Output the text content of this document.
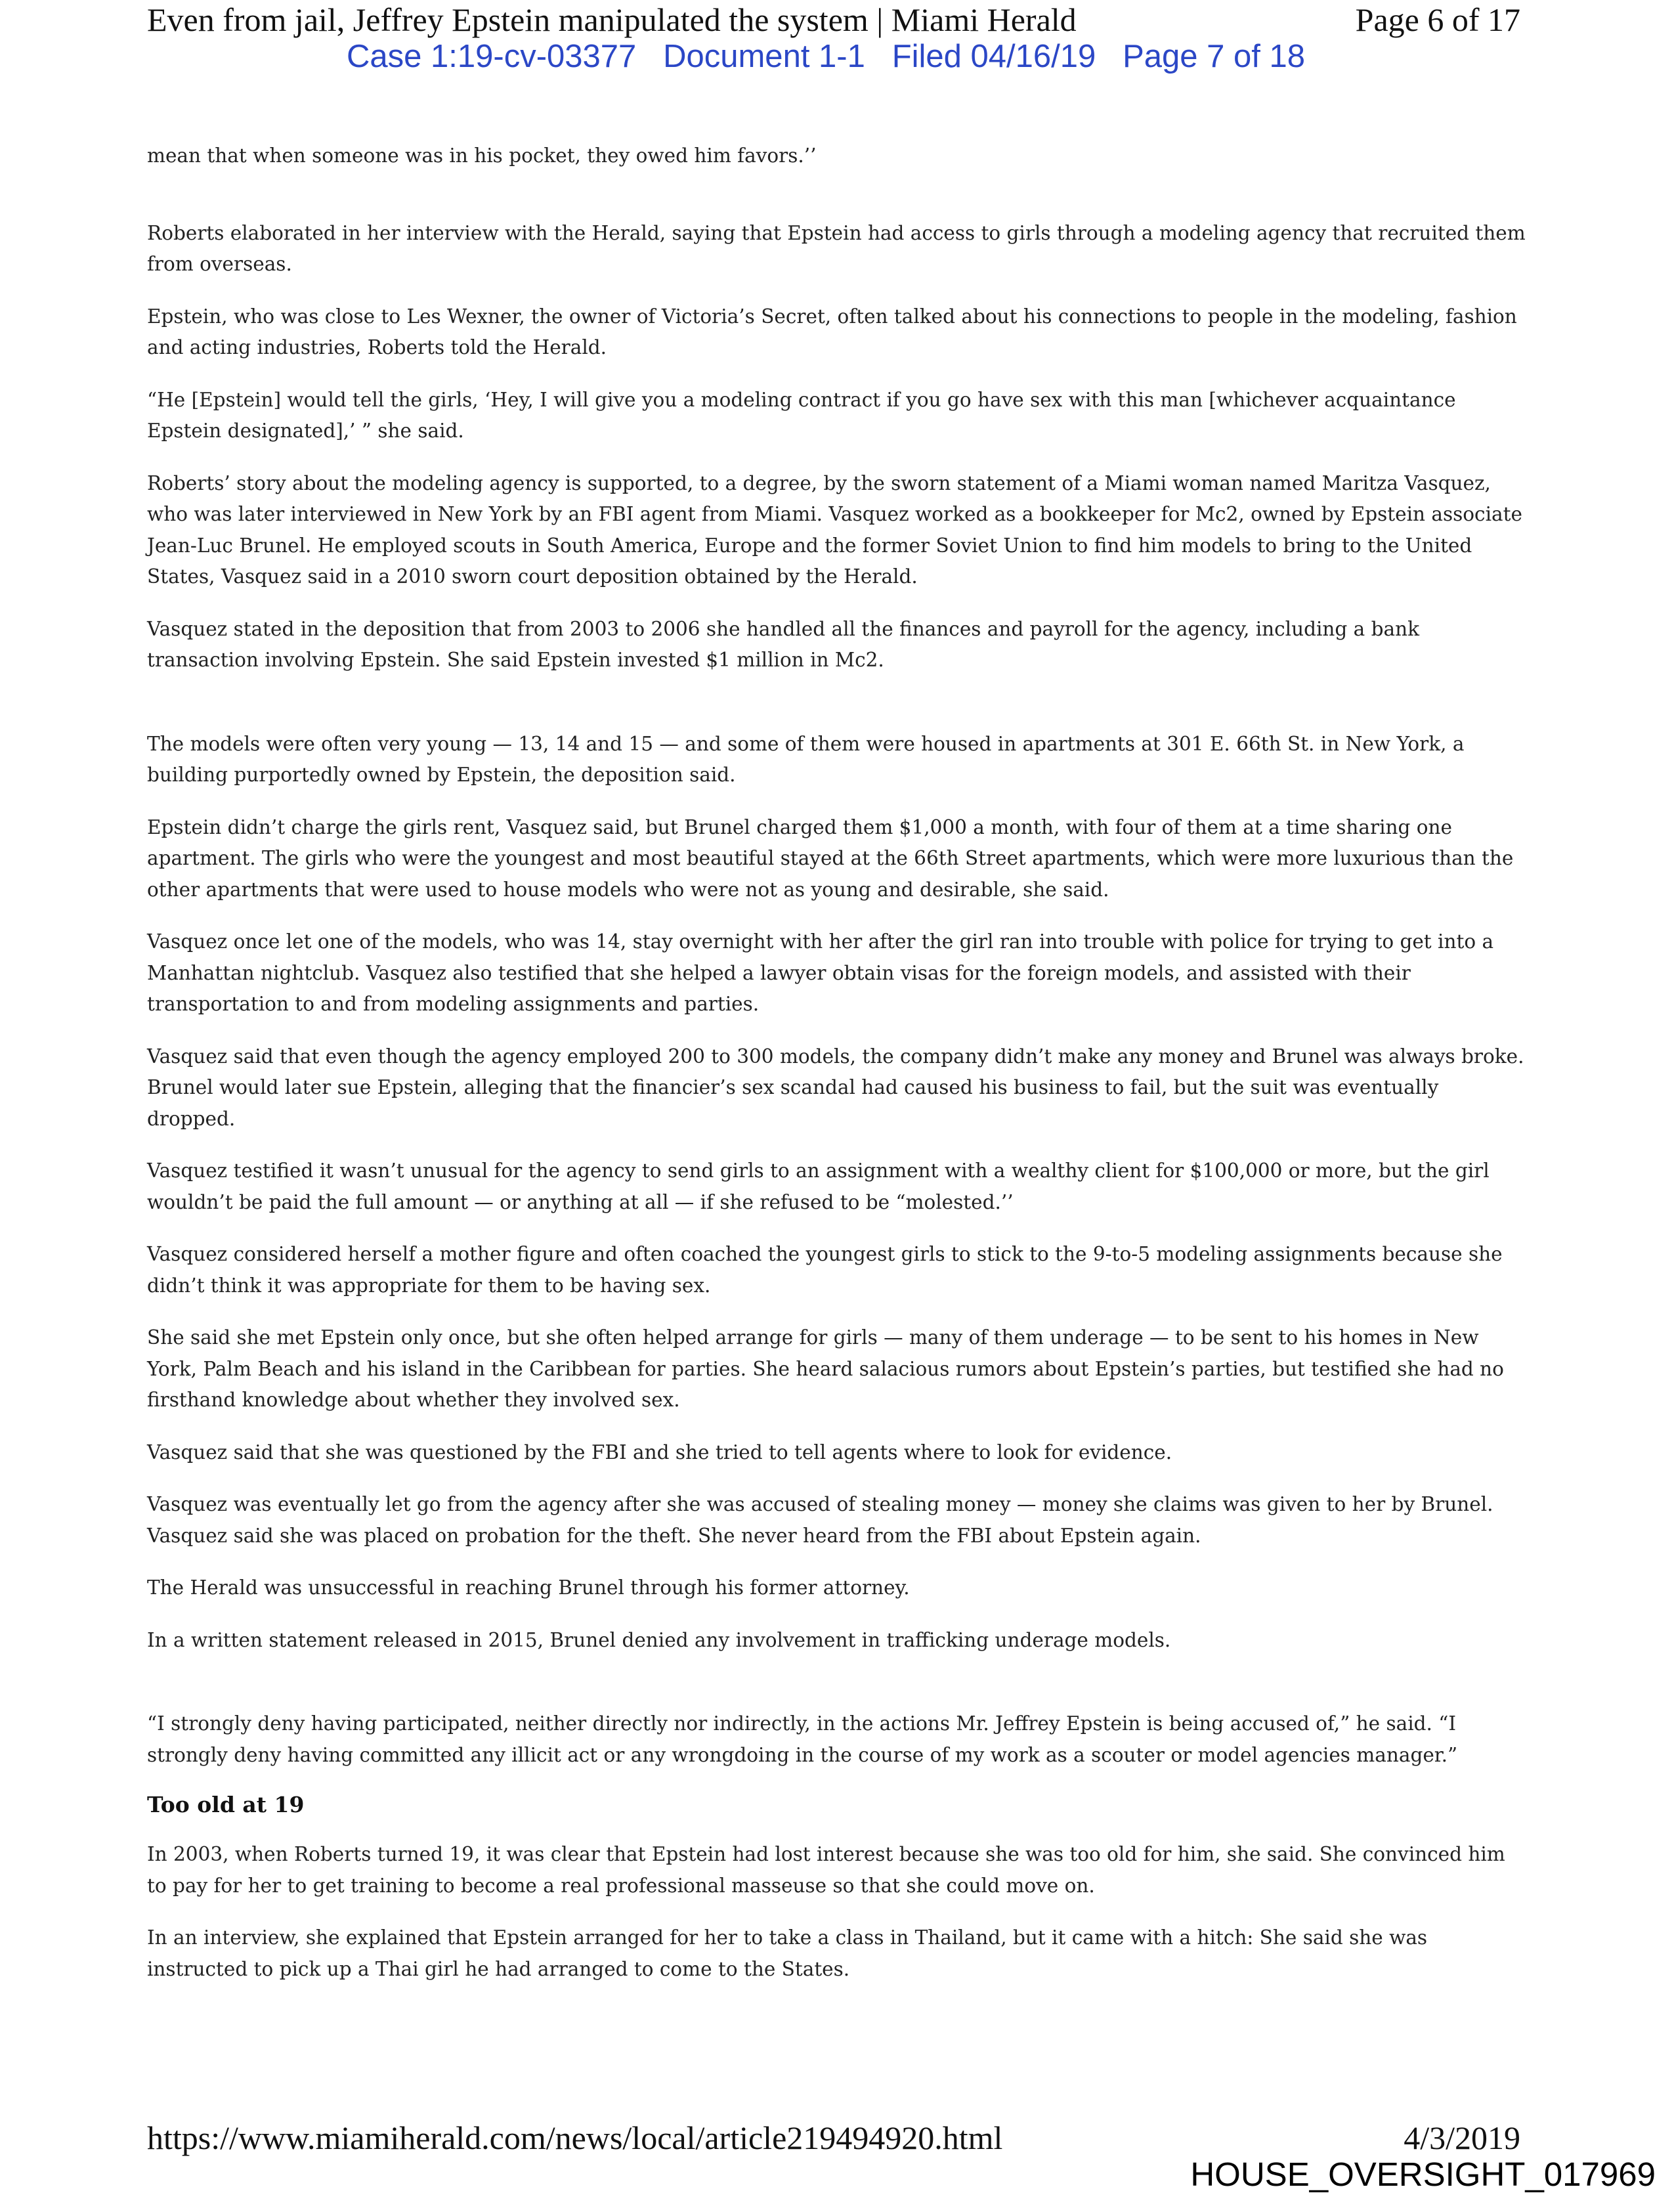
Even from jail, Jeffrey Epstein manipulated the system | Miami Herald	Page 6 of 17
Case 1:19-cv-03377   Document 1-1   Filed 04/16/19   Page 7 of 18

mean that when someone was in his pocket, they owed him favors.’’

Roberts elaborated in her interview with the Herald, saying that Epstein had access to girls through a modeling agency that recruited them from overseas.

Epstein, who was close to Les Wexner, the owner of Victoria’s Secret, often talked about his connections to people in the modeling, fashion and acting industries, Roberts told the Herald.

“He [Epstein] would tell the girls, ‘Hey, I will give you a modeling contract if you go have sex with this man [whichever acquaintance Epstein designated],’ ” she said.

Roberts’ story about the modeling agency is supported, to a degree, by the sworn statement of a Miami woman named Maritza Vasquez, who was later interviewed in New York by an FBI agent from Miami. Vasquez worked as a bookkeeper for Mc2, owned by Epstein associate Jean-Luc Brunel. He employed scouts in South America, Europe and the former Soviet Union to find him models to bring to the United States, Vasquez said in a 2010 sworn court deposition obtained by the Herald.

Vasquez stated in the deposition that from 2003 to 2006 she handled all the finances and payroll for the agency, including a bank transaction involving Epstein. She said Epstein invested $1 million in Mc2.

The models were often very young — 13, 14 and 15 — and some of them were housed in apartments at 301 E. 66th St. in New York, a building purportedly owned by Epstein, the deposition said.

Epstein didn’t charge the girls rent, Vasquez said, but Brunel charged them $1,000 a month, with four of them at a time sharing one apartment. The girls who were the youngest and most beautiful stayed at the 66th Street apartments, which were more luxurious than the other apartments that were used to house models who were not as young and desirable, she said.

Vasquez once let one of the models, who was 14, stay overnight with her after the girl ran into trouble with police for trying to get into a Manhattan nightclub. Vasquez also testified that she helped a lawyer obtain visas for the foreign models, and assisted with their transportation to and from modeling assignments and parties.

Vasquez said that even though the agency employed 200 to 300 models, the company didn’t make any money and Brunel was always broke. Brunel would later sue Epstein, alleging that the financier’s sex scandal had caused his business to fail, but the suit was eventually dropped.

Vasquez testified it wasn’t unusual for the agency to send girls to an assignment with a wealthy client for $100,000 or more, but the girl wouldn’t be paid the full amount — or anything at all — if she refused to be “molested.’’

Vasquez considered herself a mother figure and often coached the youngest girls to stick to the 9-to-5 modeling assignments because she didn’t think it was appropriate for them to be having sex.

She said she met Epstein only once, but she often helped arrange for girls — many of them underage — to be sent to his homes in New York, Palm Beach and his island in the Caribbean for parties. She heard salacious rumors about Epstein’s parties, but testified she had no firsthand knowledge about whether they involved sex.

Vasquez said that she was questioned by the FBI and she tried to tell agents where to look for evidence.

Vasquez was eventually let go from the agency after she was accused of stealing money — money she claims was given to her by Brunel. Vasquez said she was placed on probation for the theft. She never heard from the FBI about Epstein again.

The Herald was unsuccessful in reaching Brunel through his former attorney.

In a written statement released in 2015, Brunel denied any involvement in trafficking underage models.

“I strongly deny having participated, neither directly nor indirectly, in the actions Mr. Jeffrey Epstein is being accused of,” he said. “I strongly deny having committed any illicit act or any wrongdoing in the course of my work as a scouter or model agencies manager.”

Too old at 19

In 2003, when Roberts turned 19, it was clear that Epstein had lost interest because she was too old for him, she said. She convinced him to pay for her to get training to become a real professional masseuse so that she could move on.

In an interview, she explained that Epstein arranged for her to take a class in Thailand, but it came with a hitch: She said she was instructed to pick up a Thai girl he had arranged to come to the States.

https://www.miamiherald.com/news/local/article219494920.html	4/3/2019
HOUSE_OVERSIGHT_017969
